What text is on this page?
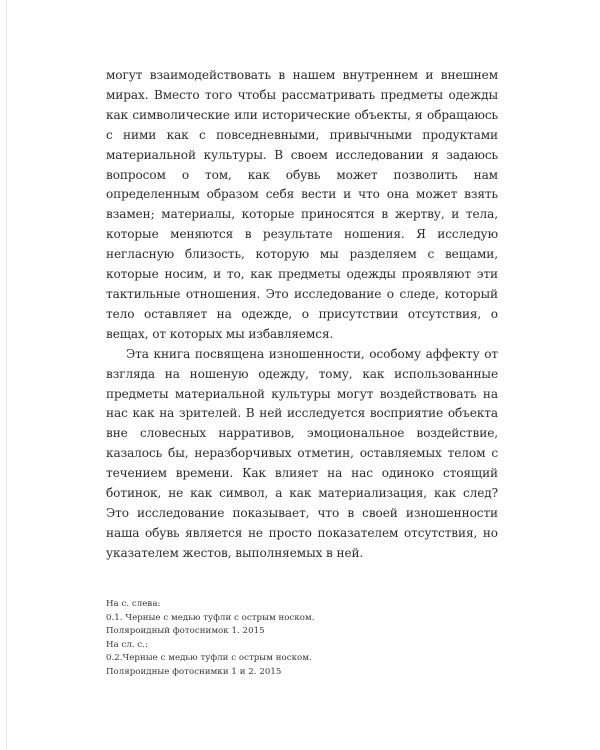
могут взаимодействовать в нашем внутреннем и внешнем мирах. Вместо того чтобы рассматривать предметы одежды как символические или исторические объекты, я обращаюсь с ними как с повседневными, привычными продуктами материальной культуры. В своем исследовании я задаюсь вопросом о том, как обувь может позволить нам определенным образом себя вести и что она может взять взамен; материалы, которые приносятся в жертву, и тела, которые меняются в результате ношения. Я исследую негласную близость, которую мы разделяем с вещами, которые носим, и то, как предметы одежды проявляют эти тактильные отношения. Это исследование о следе, который тело оставляет на одежде, о присутствии отсутствия, о вещах, от которых мы избавляемся.

Эта книга посвящена изношенности, особому аффекту от взгляда на ношеную одежду, тому, как использованные предметы материальной культуры могут воздействовать на нас как на зрителей. В ней исследуется восприятие объекта вне словесных нарративов, эмоциональное воздействие, казалось бы, неразборчивых отметин, оставляемых телом с течением времени. Как влияет на нас одиноко стоящий ботинок, не как символ, а как материализация, как след? Это исследование показывает, что в своей изношенности наша обувь является не просто показателем отсутствия, но указателем жестов, выполняемых в ней.

На с. слева:
0.1. Черные с медью туфли с острым носком.
Поляроидный фотоснимок 1. 2015
На сл. с.:
0.2.Черные с медью туфли с острым носком.
Поляроидные фотоснимки 1 и 2. 2015
